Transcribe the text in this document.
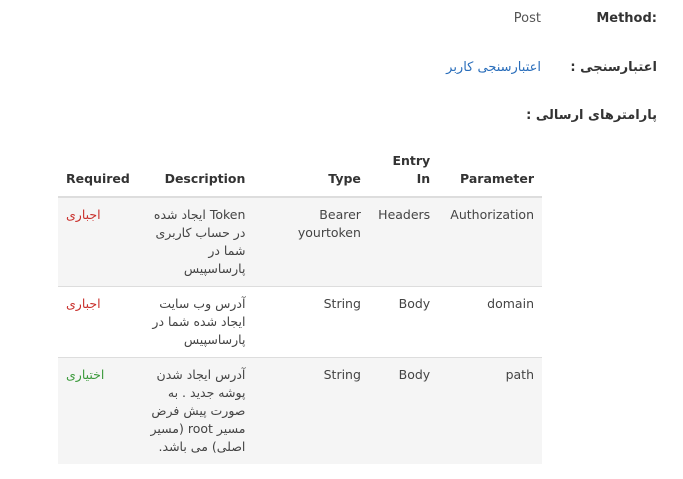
Method:
Post
اعتبارسنجی :
اعتبارسنجی کاربر
پارامترهای ارسالی :
Required	Description	Type	Entry In	Parameter
اجباری	Token ایجاد شده در حساب کاربری شما در پارساسپیس	Bearer yourtoken	Headers	Authorization
اجباری	آدرس وب سایت ایجاد شده شما در پارساسپیس	String	Body	domain
اختیاری	آدرس ایجاد شدن پوشه جدید . به صورت پیش فرض مسیر root (مسیر اصلی) می باشد.	String	Body	path
